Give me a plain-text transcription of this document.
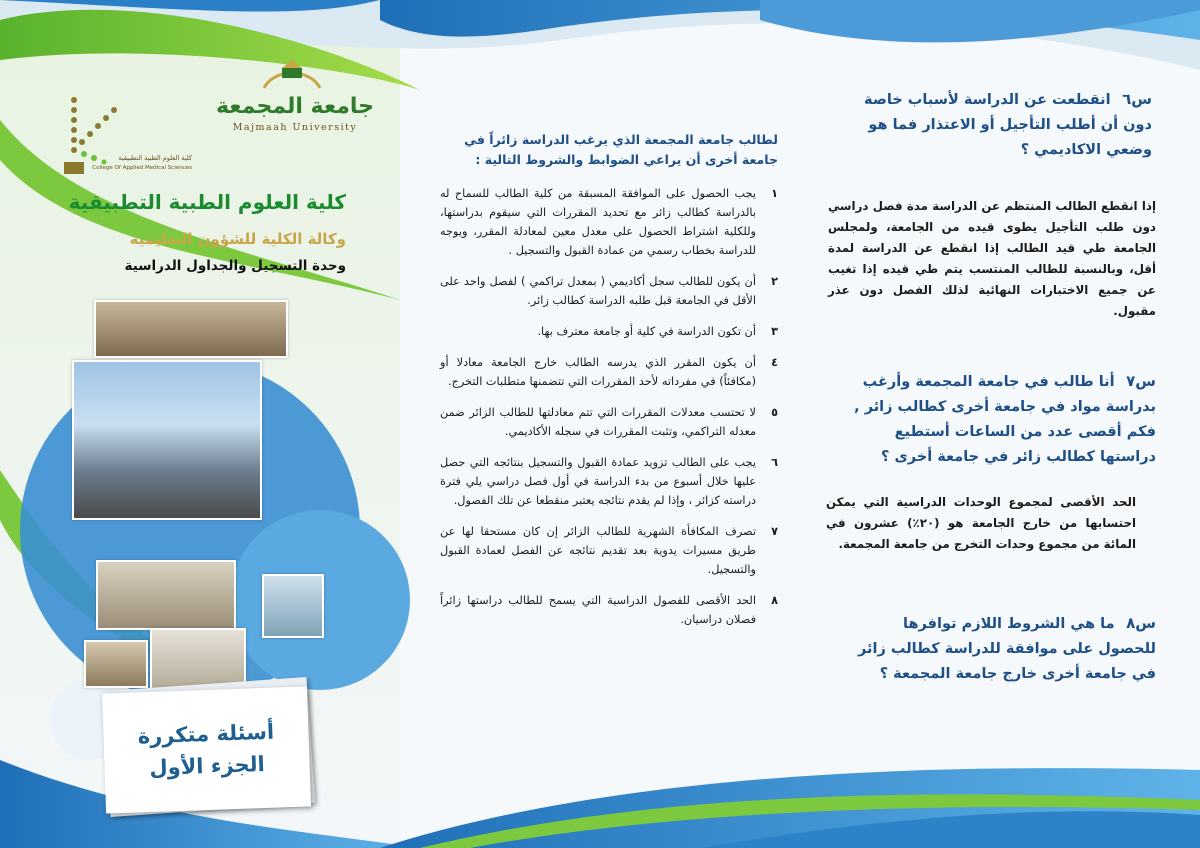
جامعة المجمعة
Majmaah University
كلية العلوم الطبية التطبيقية
College Of Applied Medical Sciences
كلية العلوم الطبية التطبيقية
وكالة الكلية للشؤون التعليمية
وحدة التسجيل والجداول الدراسية
أسئلة متكررة
الجزء الأول
لطالب جامعة المجمعة الذي يرغب الدراسة زائراً في جامعة أخرى أن يراعي الضوابط والشروط التالية :
١
يجب الحصول على الموافقة المسبقة من كلية الطالب للسماح له بالدراسة كطالب زائر مع تحديد المقررات التي سيقوم بدراستها، وللكلية اشتراط الحصول على معدل معين لمعادلة المقرر، ويوجه للدراسة بخطاب رسمي من عمادة القبول والتسجيل .
٢
أن يكون للطالب سجل أكاديمي ( بمعدل تراكمي ) لفصل واحد على الأقل في الجامعة قبل طلبه الدراسة كطالب زائر.
٣
أن تكون الدراسة في كلية أو جامعة معترف بها.
٤
أن يكون المقرر الذي يدرسه الطالب خارج الجامعة معادلا أو (مكافئاً) في مفرداته لأحد المقررات التي تتضمنها متطلبات التخرج.
٥
لا تحتسب معدلات المقررات التي تتم معادلتها للطالب الزائر ضمن معدله التراكمي، وتثبت المقررات في سجله الأكاديمي.
٦
يجب على الطالب تزويد عمادة القبول والتسجيل بنتائجه التي حصل عليها خلال أسبوع من بدء الدراسة في أول فصل دراسي يلي فترة دراسته كزائر ، وإذا لم يقدم نتائجه يعتبر منقطعا عن تلك الفصول.
٧
تصرف المكافأة الشهرية للطالب الزائر إن كان مستحقا لها عن طريق مسيرات يدوية بعد تقديم نتائجه عن الفصل لعمادة القبول والتسجيل.
٨
الحد الأقصى للفصول الدراسية التي يسمح للطالب دراستها زائراً فصلان دراسيان.
س٦ انقطعت عن الدراسة لأسباب خاصة دون أن أطلب التأجيل أو الاعتذار فما هو وضعي الاكاديمي ؟
إذا انقطع الطالب المنتظم عن الدراسة مدة فصل دراسي دون طلب التأجيل يطوى قيده من الجامعة، ولمجلس الجامعة طي قيد الطالب إذا انقطع عن الدراسة لمدة أقل، وبالنسبة للطالب المنتسب يتم طي قيده إذا تغيب عن جميع الاختبارات النهائية لذلك الفصل دون عذر مقبول.
س٧ أنا طالب في جامعة المجمعة وأرغب بدراسة مواد في جامعة أخرى كطالب زائر , فكم أقصى عدد من الساعات أستطيع دراستها كطالب زائر في جامعة أخرى ؟
الحد الأقصى لمجموع الوحدات الدراسية التي يمكن احتسابها من خارج الجامعة هو (٢٠٪) عشرون في المائة من مجموع وحدات التخرج من جامعة المجمعة.
س٨ ما هي الشروط اللازم توافرها للحصول على موافقة للدراسة كطالب زائر في جامعة أخرى خارج جامعة المجمعة ؟
